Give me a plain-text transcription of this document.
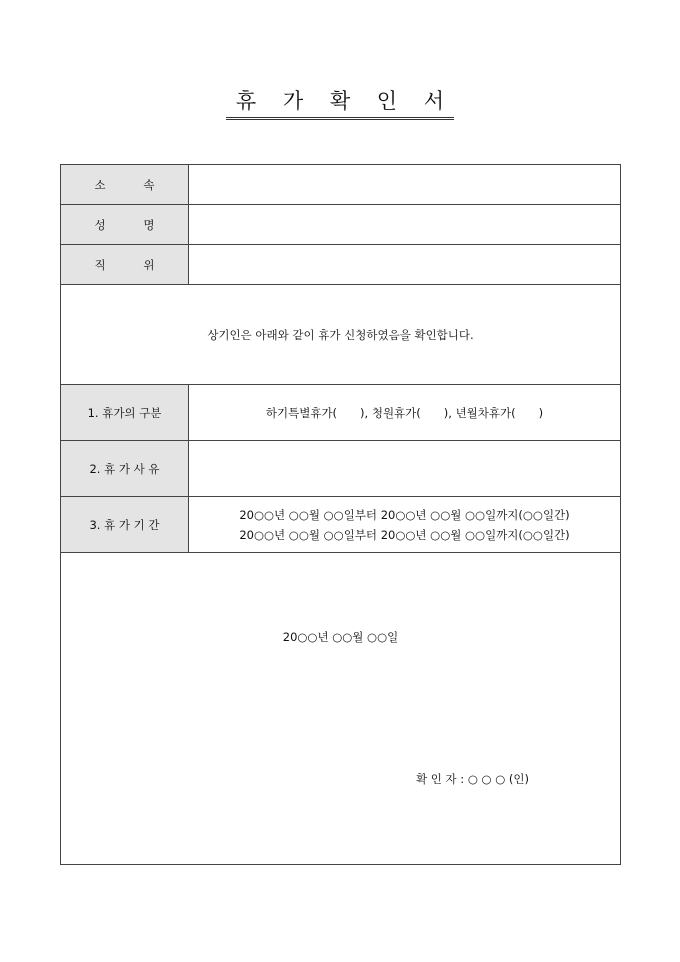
휴 가 확 인 서
소 속	
성 명	
직 위	
상기인은 아래와 같이 휴가 신청하였음을 확인합니다.	
1. 휴가의 구분	하기특별휴가(　　), 청원휴가(　　), 년월차휴가(　　)
2. 휴 가 사 유	
3. 휴 가 기 간	20○○년 ○○월 ○○일부터 20○○년 ○○월 ○○일까지(○○일간)
20○○년 ○○월 ○○일부터 20○○년 ○○월 ○○일까지(○○일간)

20○○년 ○○월 ○○일
확 인 자 : ○ ○ ○ (인)	
